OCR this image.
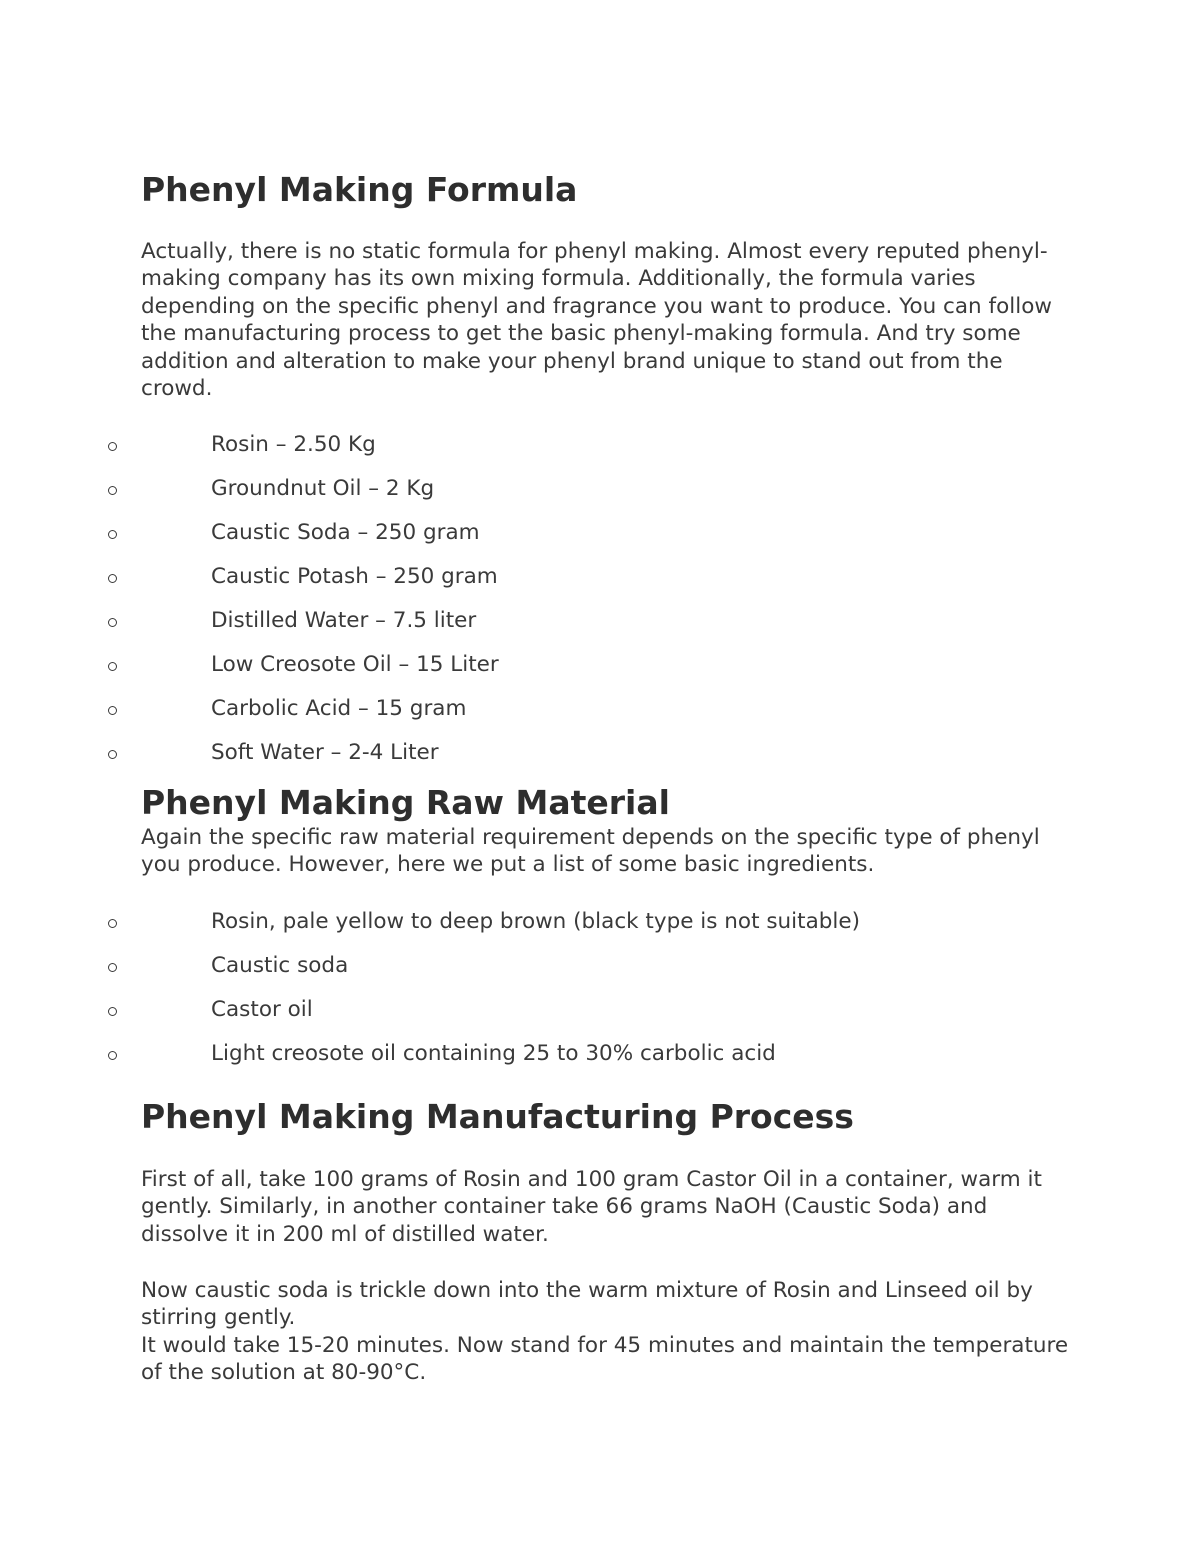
Phenyl Making Formula

Actually, there is no static formula for phenyl making. Almost every reputed phenyl-making company has its own mixing formula. Additionally, the formula varies depending on the specific phenyl and fragrance you want to produce. You can follow the manufacturing process to get the basic phenyl-making formula. And try some addition and alteration to make your phenyl brand unique to stand out from the crowd.

Rosin – 2.50 Kg
Groundnut Oil – 2 Kg
Caustic Soda – 250 gram
Caustic Potash – 250 gram
Distilled Water – 7.5 liter
Low Creosote Oil – 15 Liter
Carbolic Acid – 15 gram
Soft Water – 2-4 Liter
Phenyl Making Raw Material

Again the specific raw material requirement depends on the specific type of phenyl you produce. However, here we put a list of some basic ingredients.

Rosin, pale yellow to deep brown (black type is not suitable)
Caustic soda
Castor oil
Light creosote oil containing 25 to 30% carbolic acid
Phenyl Making Manufacturing Process

First of all, take 100 grams of Rosin and 100 gram Castor Oil in a container, warm it gently. Similarly, in another container take 66 grams NaOH (Caustic Soda) and dissolve it in 200 ml of distilled water.

Now caustic soda is trickle down into the warm mixture of Rosin and Linseed oil by stirring gently.

It would take 15-20 minutes. Now stand for 45 minutes and maintain the temperature of the solution at 80-90°C.
